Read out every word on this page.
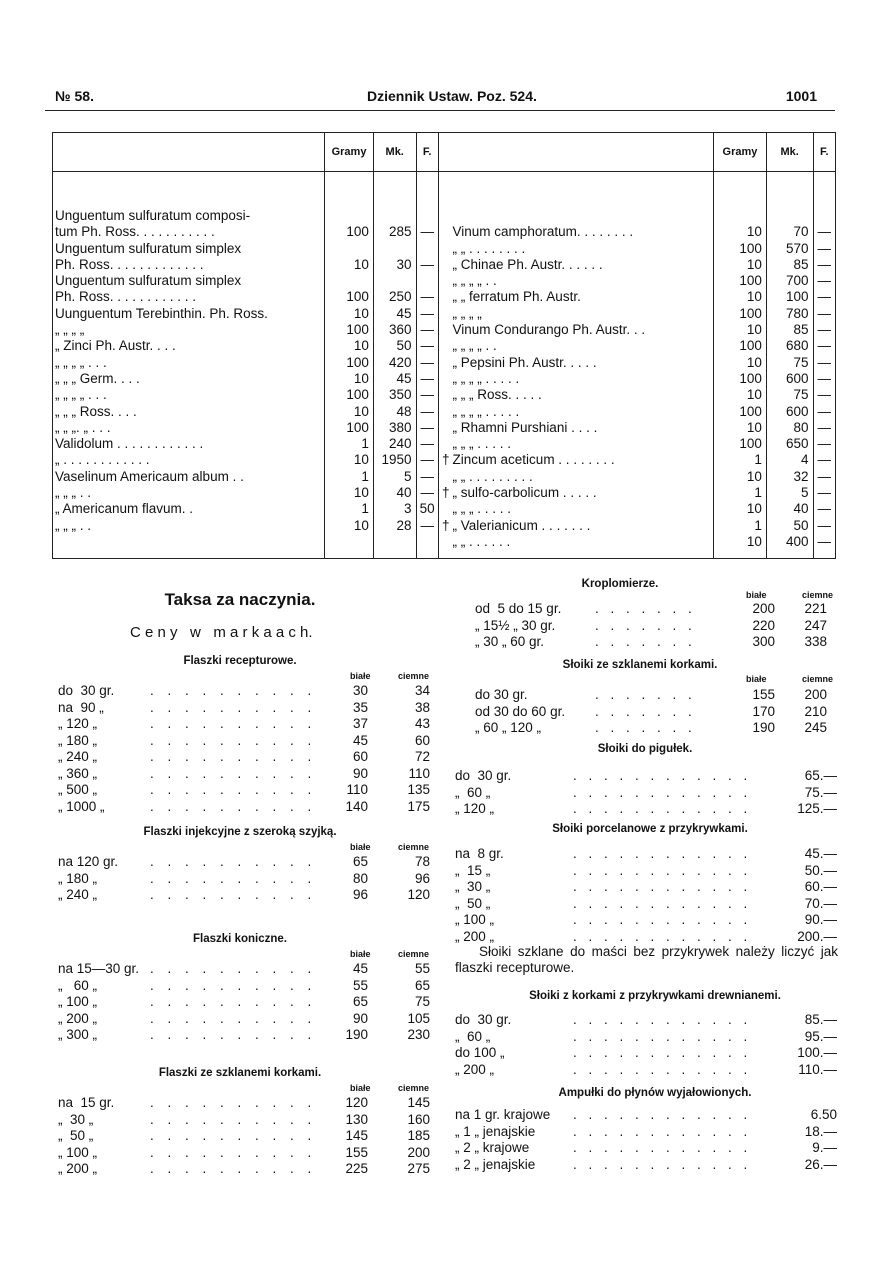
№ 58.

	Dziennik Ustaw. Poz. 524.

	1001

	Gramy	Mk.	F.			Gramy	Mk.	F.

Unguentum sulfuratum composi-								
tum Ph. Ross. . . . . . . . . . .	100	285	—		Vinum camphoratum. . . . . . . .	10	70	—
Unguentum sulfuratum simplex					„ „ . . . . . . . .	100	570	—
Ph. Ross. . . . . . . . . . . . .	10	30	—		„ Chinae Ph. Austr. . . . . .	10	85	—
Unguentum sulfuratum simplex					„ „ „ „ . .	100	700	—
Ph. Ross. . . . . . . . . . . .	100	250	—		„ „ ferratum Ph. Austr.	10	100	—
Uunguentum Terebinthin. Ph. Ross.	10	45	—		„ „ „ „	100	780	—
„ „ „ „	100	360	—		Vinum Condurango Ph. Austr. . .	10	85	—
„ Zinci Ph. Austr. . . .	10	50	—		„ „ „ „ . .	100	680	—
„ „ „ „ . . .	100	420	—		„ Pepsini Ph. Austr. . . . .	10	75	—
„ „ „ Germ. . . .	10	45	—		„ „ „ „ . . . . .	100	600	—
„ „ „ „ . . .	100	350	—		„ „ „ Ross. . . . .	10	75	—
„ „ „ Ross. . . .	10	48	—		„ „ „ „ . . . . .	100	600	—
„ „ „. „ . . .	100	380	—		„ Rhamni Purshiani . . . .	10	80	—
Validolum . . . . . . . . . . . .	1	240	—		„ „ „ . . . . .	100	650	—
„ . . . . . . . . . . . .	10	1950	—	†	Zincum aceticum . . . . . . . .	1	4	—
Vaselinum Americaum album . .	1	5	—		„ „ . . . . . . . . .	10	32	—
„ „ „ . .	10	40	—	†	„ sulfo-carbolicum . . . . .	1	5	—
„ Americanum flavum. .	1	3	50		„ „ „ . . . . .	10	40	—
„ „ „ . .	10	28	—	†	„ Valerianicum . . . . . . .	1	50	—
					„ „ . . . . . .	10	400	—
Taksa za naczynia.
C e n y   w   m a r k a a c h.
Flaszki recepturowe.
białe	ciemne
do  30 gr.	. . . . . . . . . .	30	34
na  90 „	. . . . . . . . . .	35	38
„ 120 „	. . . . . . . . . .	37	43
„ 180 „	. . . . . . . . . .	45	60
„ 240 „	. . . . . . . . . .	60	72
„ 360 „	. . . . . . . . . .	90	110
„ 500 „	. . . . . . . . . . 110	135
„ 1000 „	. . . . . . . . . . 140	175
Flaszki injekcyjne z szeroką szyjką.
białe	ciemne
na 120 gr. . . . . . . . . . .	65	78
„ 180 „	. . . . . . . . . .	80	96
„ 240 „	. . . . . . . . . .	96	120
Flaszki koniczne.
białe	ciemne
na 15—30 gr. . . . . . . . . . .	45	55
„   60 „	. . . . . . . . . .	55	65
„ 100 „	. . . . . . . . . .	65	75
„ 200 „	. . . . . . . . . .	90	105
„ 300 „	. . . . . . . . . . 190	230
Flaszki ze szklanemi korkami.
białe	ciemne
na  15 gr.	. . . . . . . . . . 120	145
„  30 „	. . . . . . . . . . 130	160
„  50 „	. . . . . . . . . . 145	185
„ 100 „	. . . . . . . . . . 155	200
„ 200 „	. . . . . . . . . . 225	275
Kroplomierze.
białe	ciemne
od  5 do 15 gr. . . . . . . .	200 221
„ 15½ „ 30 gr.	. . . . . . .	220 247
„ 30 „ 60 gr.	. . . . . . .	300 338
Słoiki ze szklanemi korkami.
białe	ciemne
do 30 gr.	. . . . . . .	155 200
od 30 do 60 gr. . . . . . . .	170 210
„ 60 „ 120 „	. . . . . . .	190 245
Słoiki do pigułek.
do  30 gr.	. . . . . . . . . . . .	65.—
„  60 „	. . . . . . . . . . . .	75.—
„ 120 „	. . . . . . . . . . . .	125.—
Słoiki porcelanowe z przykrywkami.
na  8 gr.	. . . . . . . . . . . .	45.—
„  15 „	. . . . . . . . . . . .	50.—
„  30 „	. . . . . . . . . . . .	60.—
„  50 „	. . . . . . . . . . . .	70.—
„ 100 „	. . . . . . . . . . . .	90.—
„ 200 „	. . . . . . . . . . . .	200.—
Słoiki szklane do maści bez przykrywek należy liczyć jak flaszki recepturowe.
Słoiki z korkami z przykrywkami drewnianemi.
do  30 gr.	. . . . . . . . . . . .	85.—
„  60 „	. . . . . . . . . . . .	95.—
do 100 „	. . . . . . . . . . . .	100.—
„ 200 „	. . . . . . . . . . . .	110.—
Ampułki do płynów wyjałowionych.
na 1 gr. krajowe . . . . . . . . . . . .	6.50
„ 1 „ jenajskie	. . . . . . . . . . . .	18.—
„ 2 „ krajowe	. . . . . . . . . . . .	9.—
„ 2 „ jenajskie	. . . . . . . . . . . .	26.—
